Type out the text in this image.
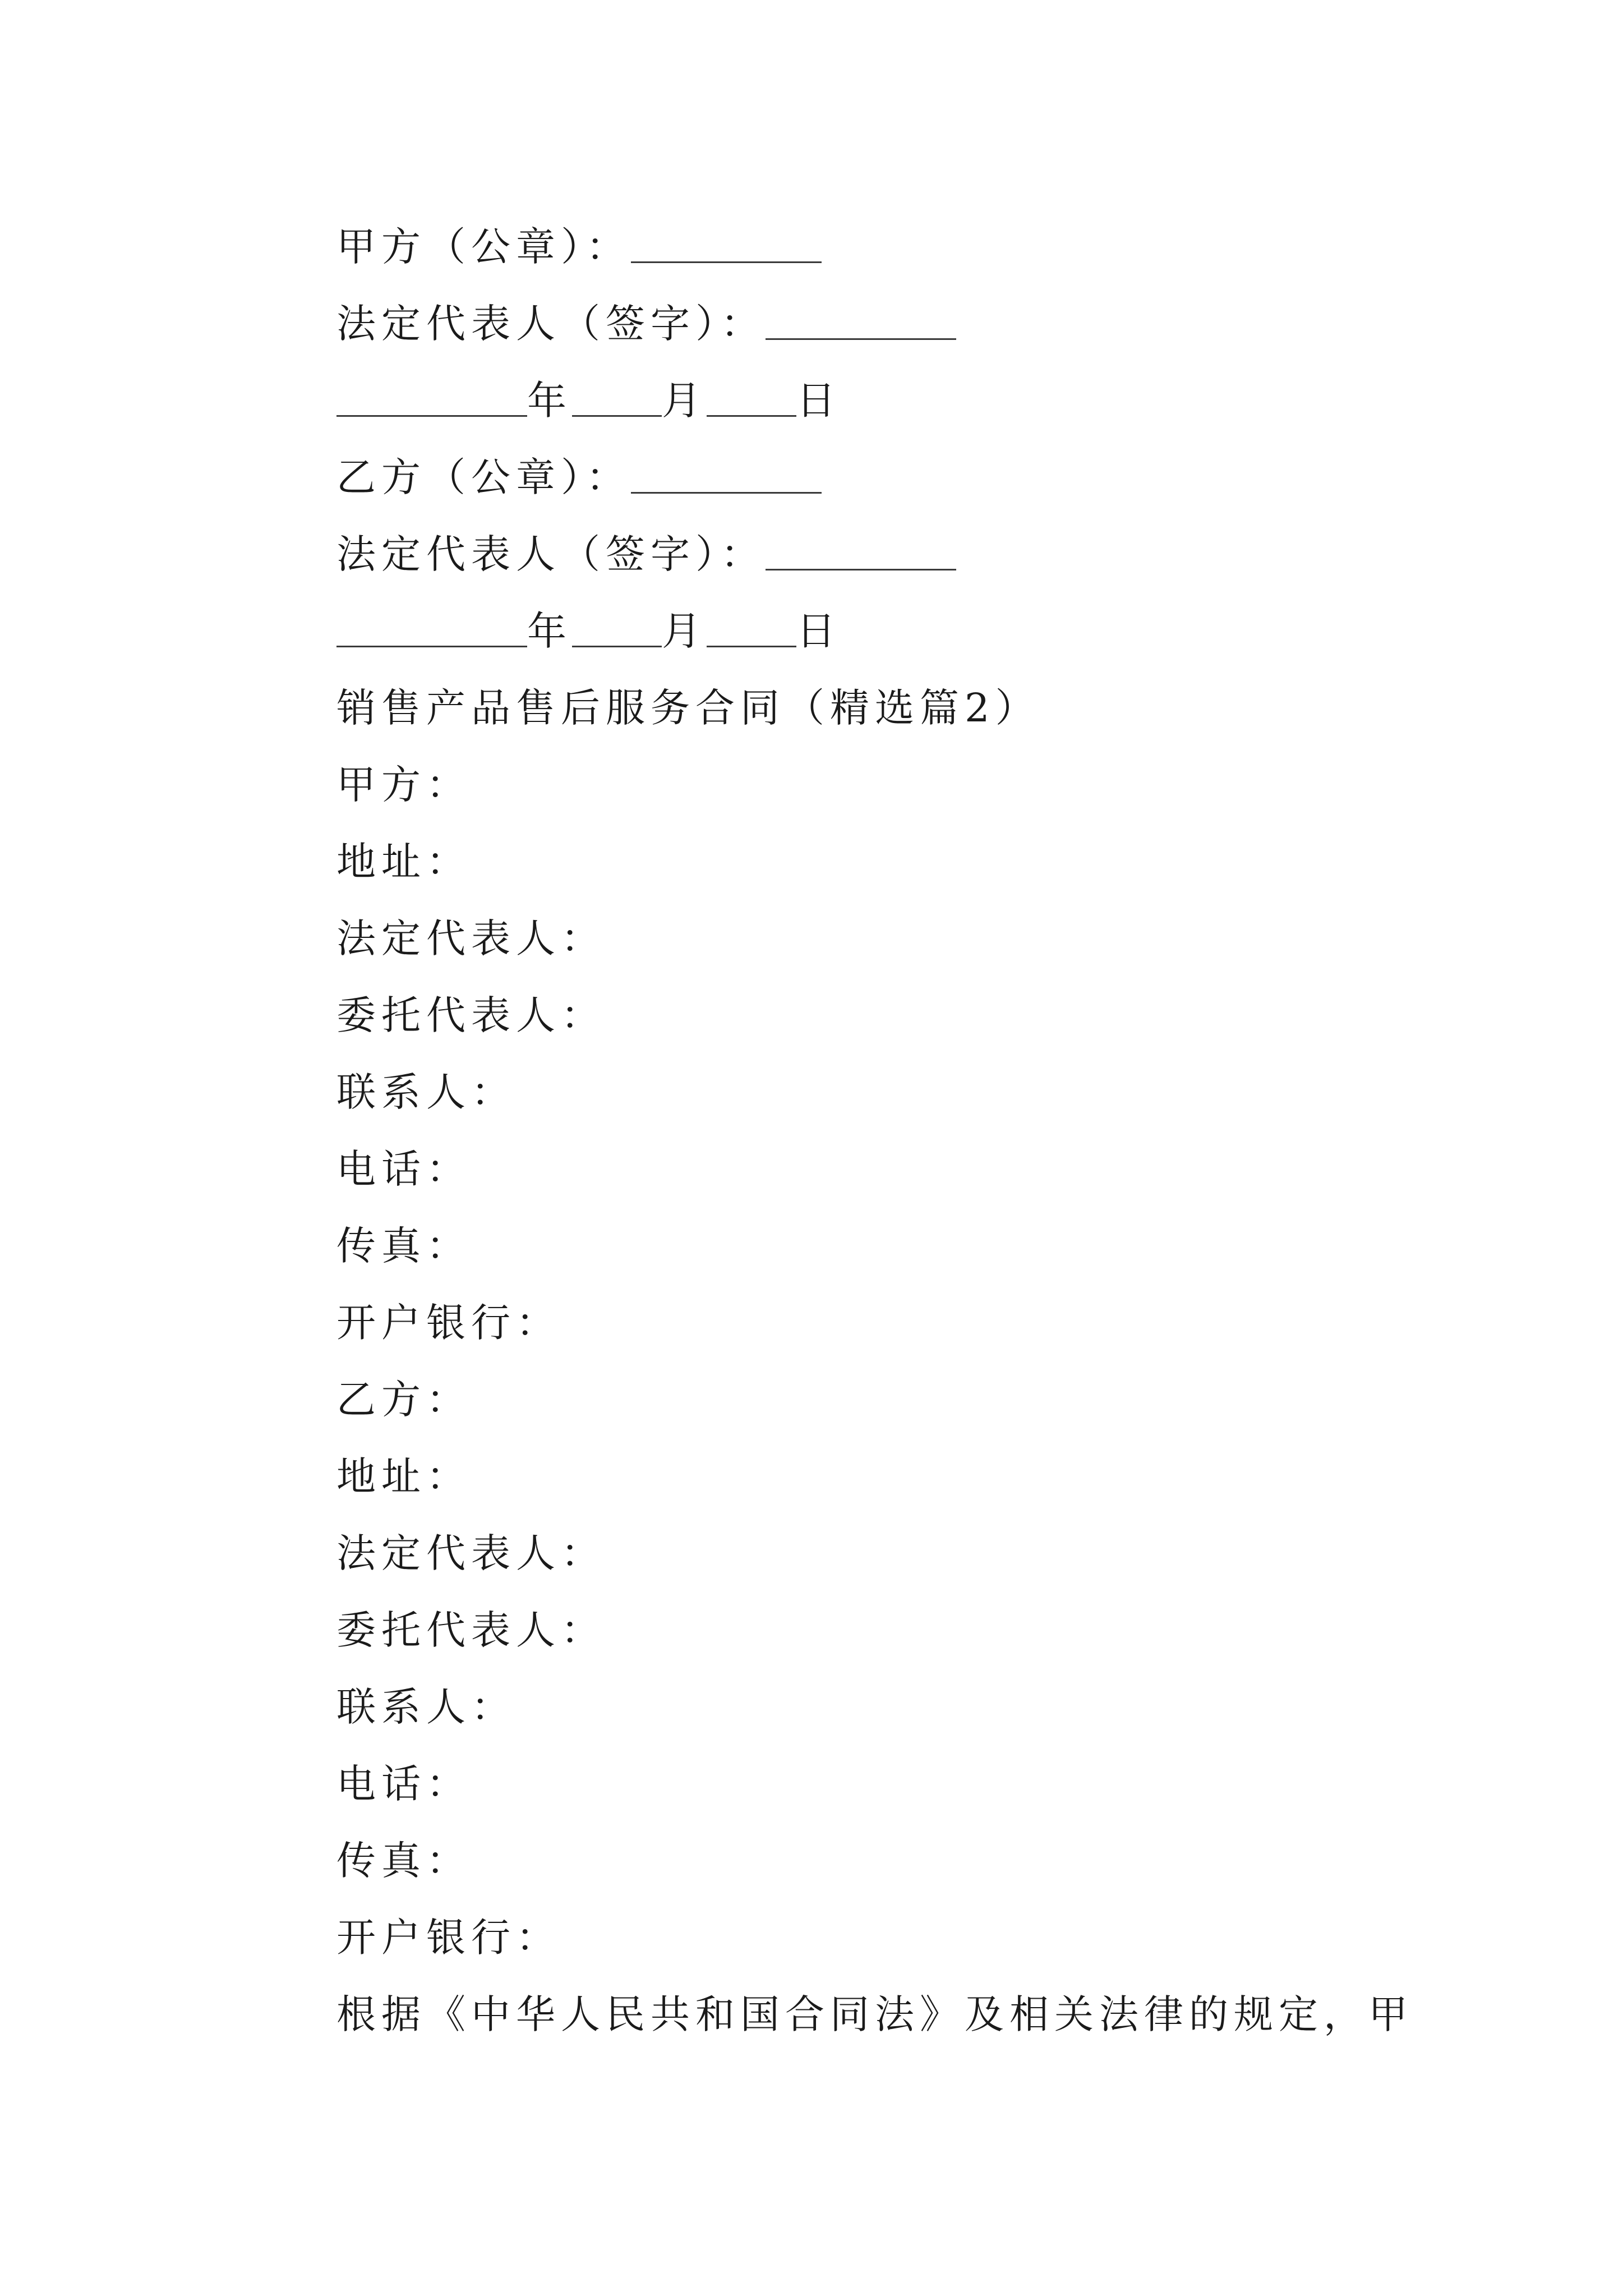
甲方（公章）：
法定代表人（签字）：
年 月 日
乙方（公章）：
法定代表人（签字）：
年 月 日
销售产品售后服务合同（精选篇2）
甲方：
地址：
法定代表人：
委托代表人：
联系人：
电话：
传真：
开户银行：
乙方：
地址：
法定代表人：
委托代表人：
联系人：
电话：
传真：
开户银行：
根据《中华人民共和国合同法》及相关法律的规定，甲
